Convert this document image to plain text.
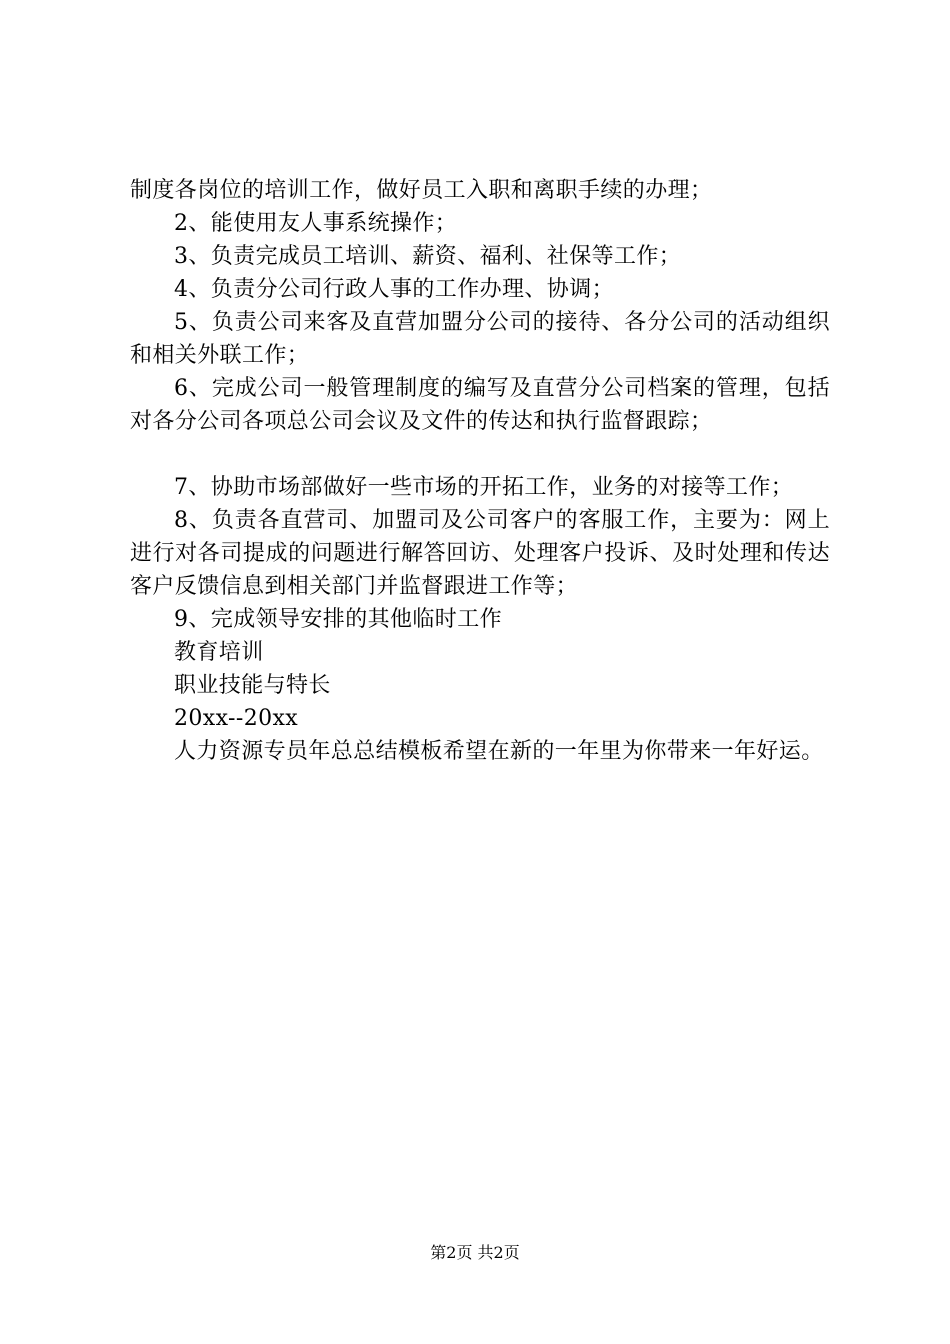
制度各岗位的培训工作，做好员工入职和离职手续的办理；

2、能使用友人事系统操作；

3、负责完成员工培训、薪资、福利、社保等工作；

4、负责分公司行政人事的工作办理、协调；

5、负责公司来客及直营加盟分公司的接待、各分公司的活动组织和相关外联工作；

6、完成公司一般管理制度的编写及直营分公司档案的管理，包括对各分公司各项总公司会议及文件的传达和执行监督跟踪；

7、协助市场部做好一些市场的开拓工作，业务的对接等工作；

8、负责各直营司、加盟司及公司客户的客服工作，主要为：网上进行对各司提成的问题进行解答回访、处理客户投诉、及时处理和传达客户反馈信息到相关部门并监督跟进工作等；

9、完成领导安排的其他临时工作

教育培训

职业技能与特长

20xx--20xx

人力资源专员年总总结模板希望在新的一年里为你带来一年好运。

第2页 共2页
